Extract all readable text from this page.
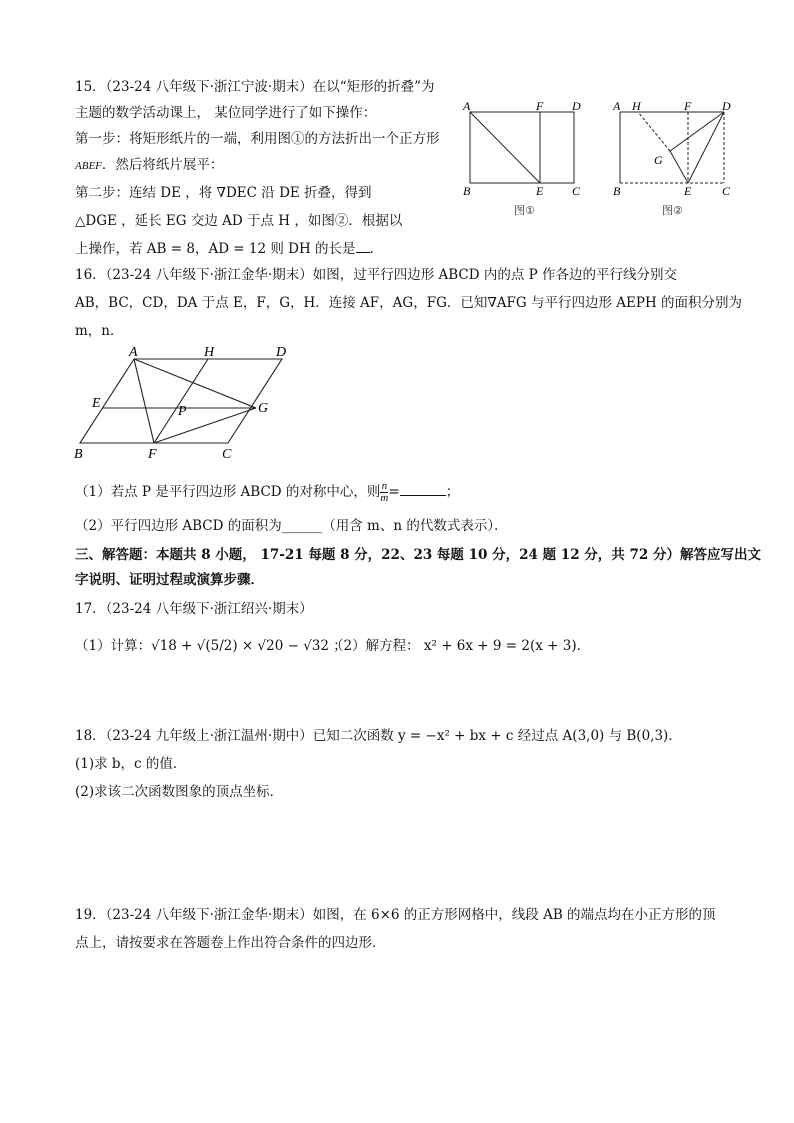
15．（23-24 八年级下·浙江宁波·期末）在以“矩形的折叠”为
主题的数学活动课上， 某位同学进行了如下操作：
第一步：将矩形纸片的一端，利用图①的方法折出一个正方形
ABEF．然后将纸片展平：
第二步：连结 DE ，将 ∇DEC 沿 DE 折叠，得到
△DGE ，延长 EG 交边 AD 于点 H ，如图②．根据以
上操作，若 AB = 8，AD = 12 则 DH 的长是 ．
A	F D
B	E C
图①
A H	F	D
G
B	E	C
图②
16．（23-24 八年级下·浙江金华·期末）如图，过平行四边形 ABCD 内的点 P 作各边的平行线分别交
AB，BC，CD，DA 于点 E，F，G，H．连接 AF，AG，FG．已知∇AFG 与平行四边形 AEPH 的面积分别为
m，n．
A	H	D
E
P	G
B	F	C
（1）若点 P 是平行四边形 ABCD 的对称中心，则 $\frac{n}{m}$ =	；
（2）平行四边形 ABCD 的面积为______（用含 m、n 的代数式表示）．
三、解答题：本题共 8 小题， 17-21 每题 8 分，22、23 每题 10 分，24 题 12 分，共 72 分）解答应写出文
字说明、证明过程或演算步骤．
17．（23-24 八年级下·浙江绍兴·期末）
（1）计算：√18 + √(5/2) × √20 − √32 ；
（2）解方程： x² + 6x + 9 = 2(x + 3)．
18．（23-24 九年级上·浙江温州·期中）已知二次函数 y = −x² + bx + c 经过点 A(3,0) 与 B(0,3)．
(1)求 b，c 的值．
(2)求该二次函数图象的顶点坐标．
19．（23-24 八年级下·浙江金华·期末）如图，在 6×6 的正方形网格中，线段 AB 的端点均在小正方形的顶
点上，请按要求在答题卷上作出符合条件的四边形．
